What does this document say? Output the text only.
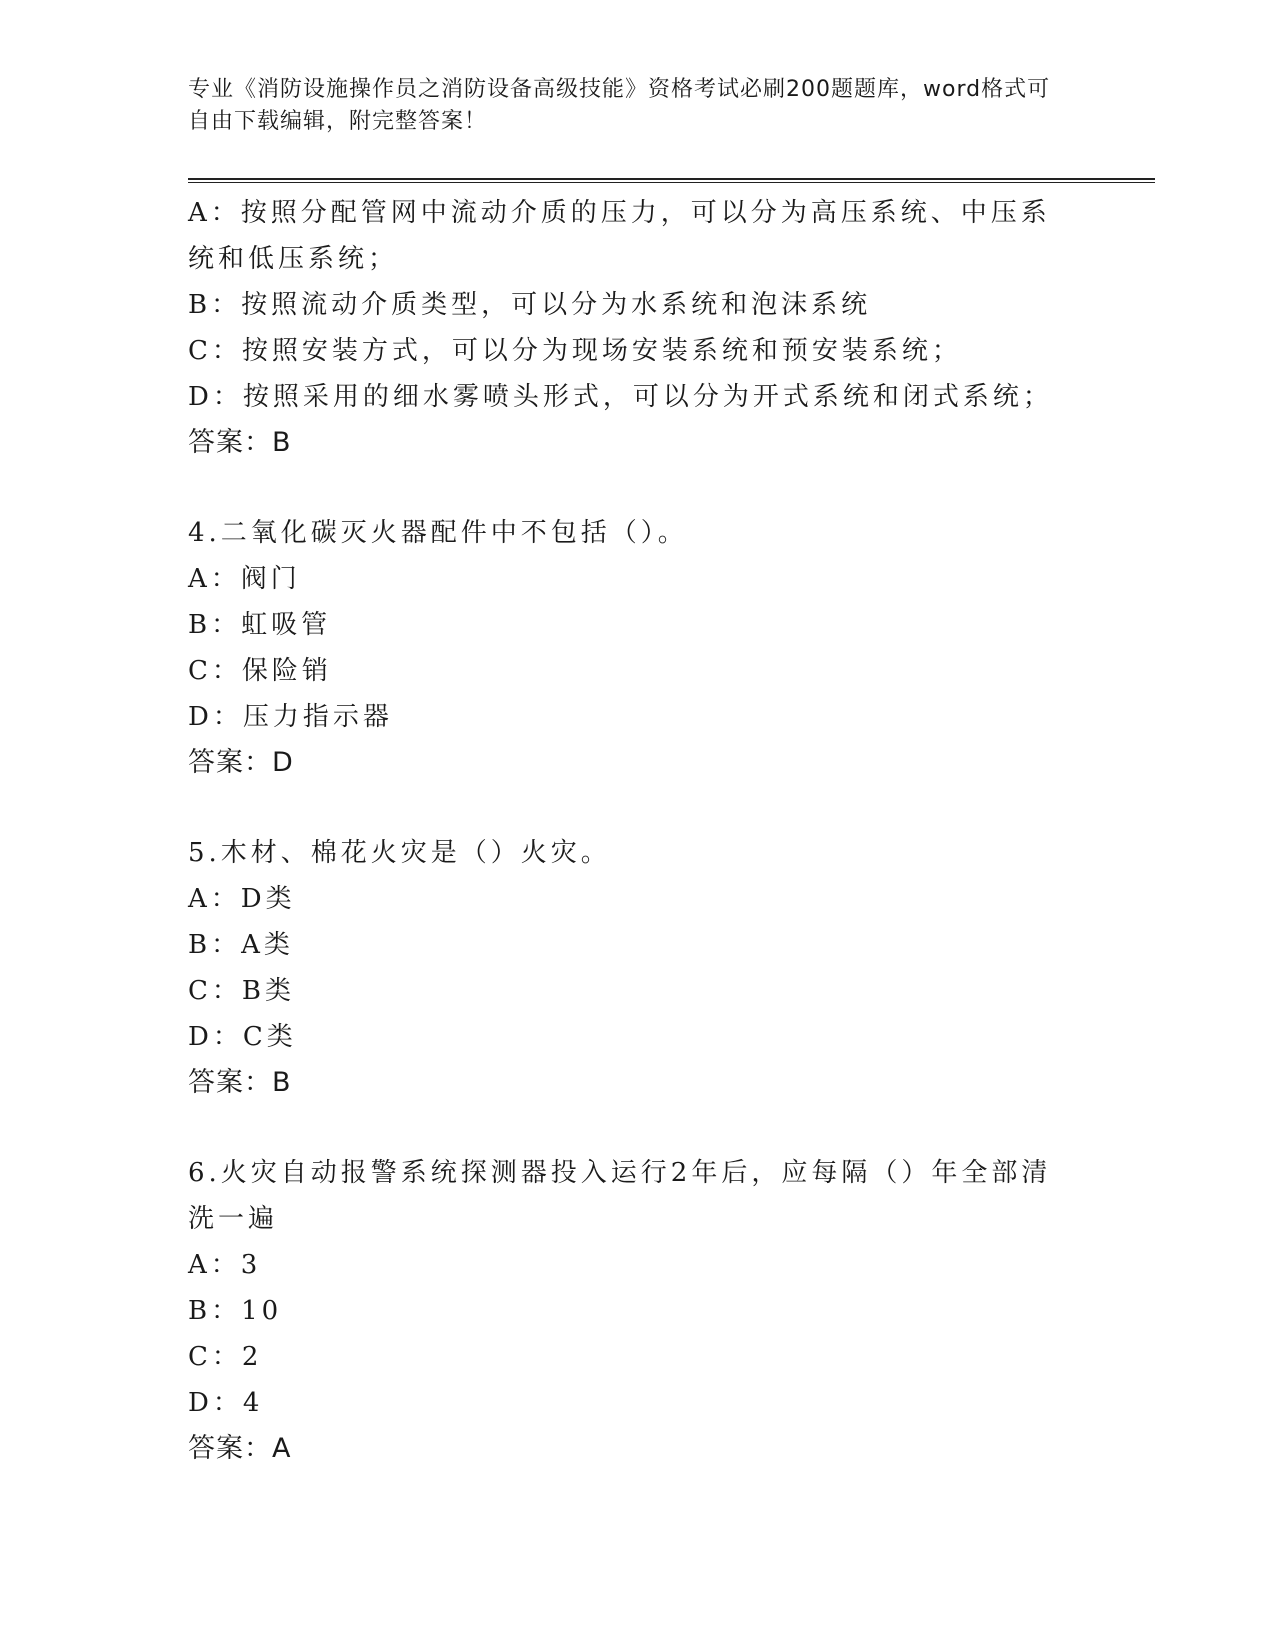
专业《消防设施操作员之消防设备高级技能》资格考试必刷200题题库，word格式可自由下载编辑，附完整答案！
A：按照分配管网中流动介质的压力，可以分为高压系统、中压系统和低压系统；
B：按照流动介质类型，可以分为水系统和泡沫系统
C：按照安装方式，可以分为现场安装系统和预安装系统；
D：按照采用的细水雾喷头形式，可以分为开式系统和闭式系统；
答案：B
4.二氧化碳灭火器配件中不包括（）。
A：阀门
B：虹吸管
C：保险销
D：压力指示器
答案：D
5.木材、棉花火灾是（）火灾。
A：D类
B：A类
C：B类
D：C类
答案：B
6.火灾自动报警系统探测器投入运行2年后，应每隔（）年全部清洗一遍
A：3
B：10
C：2
D：4
答案：A
